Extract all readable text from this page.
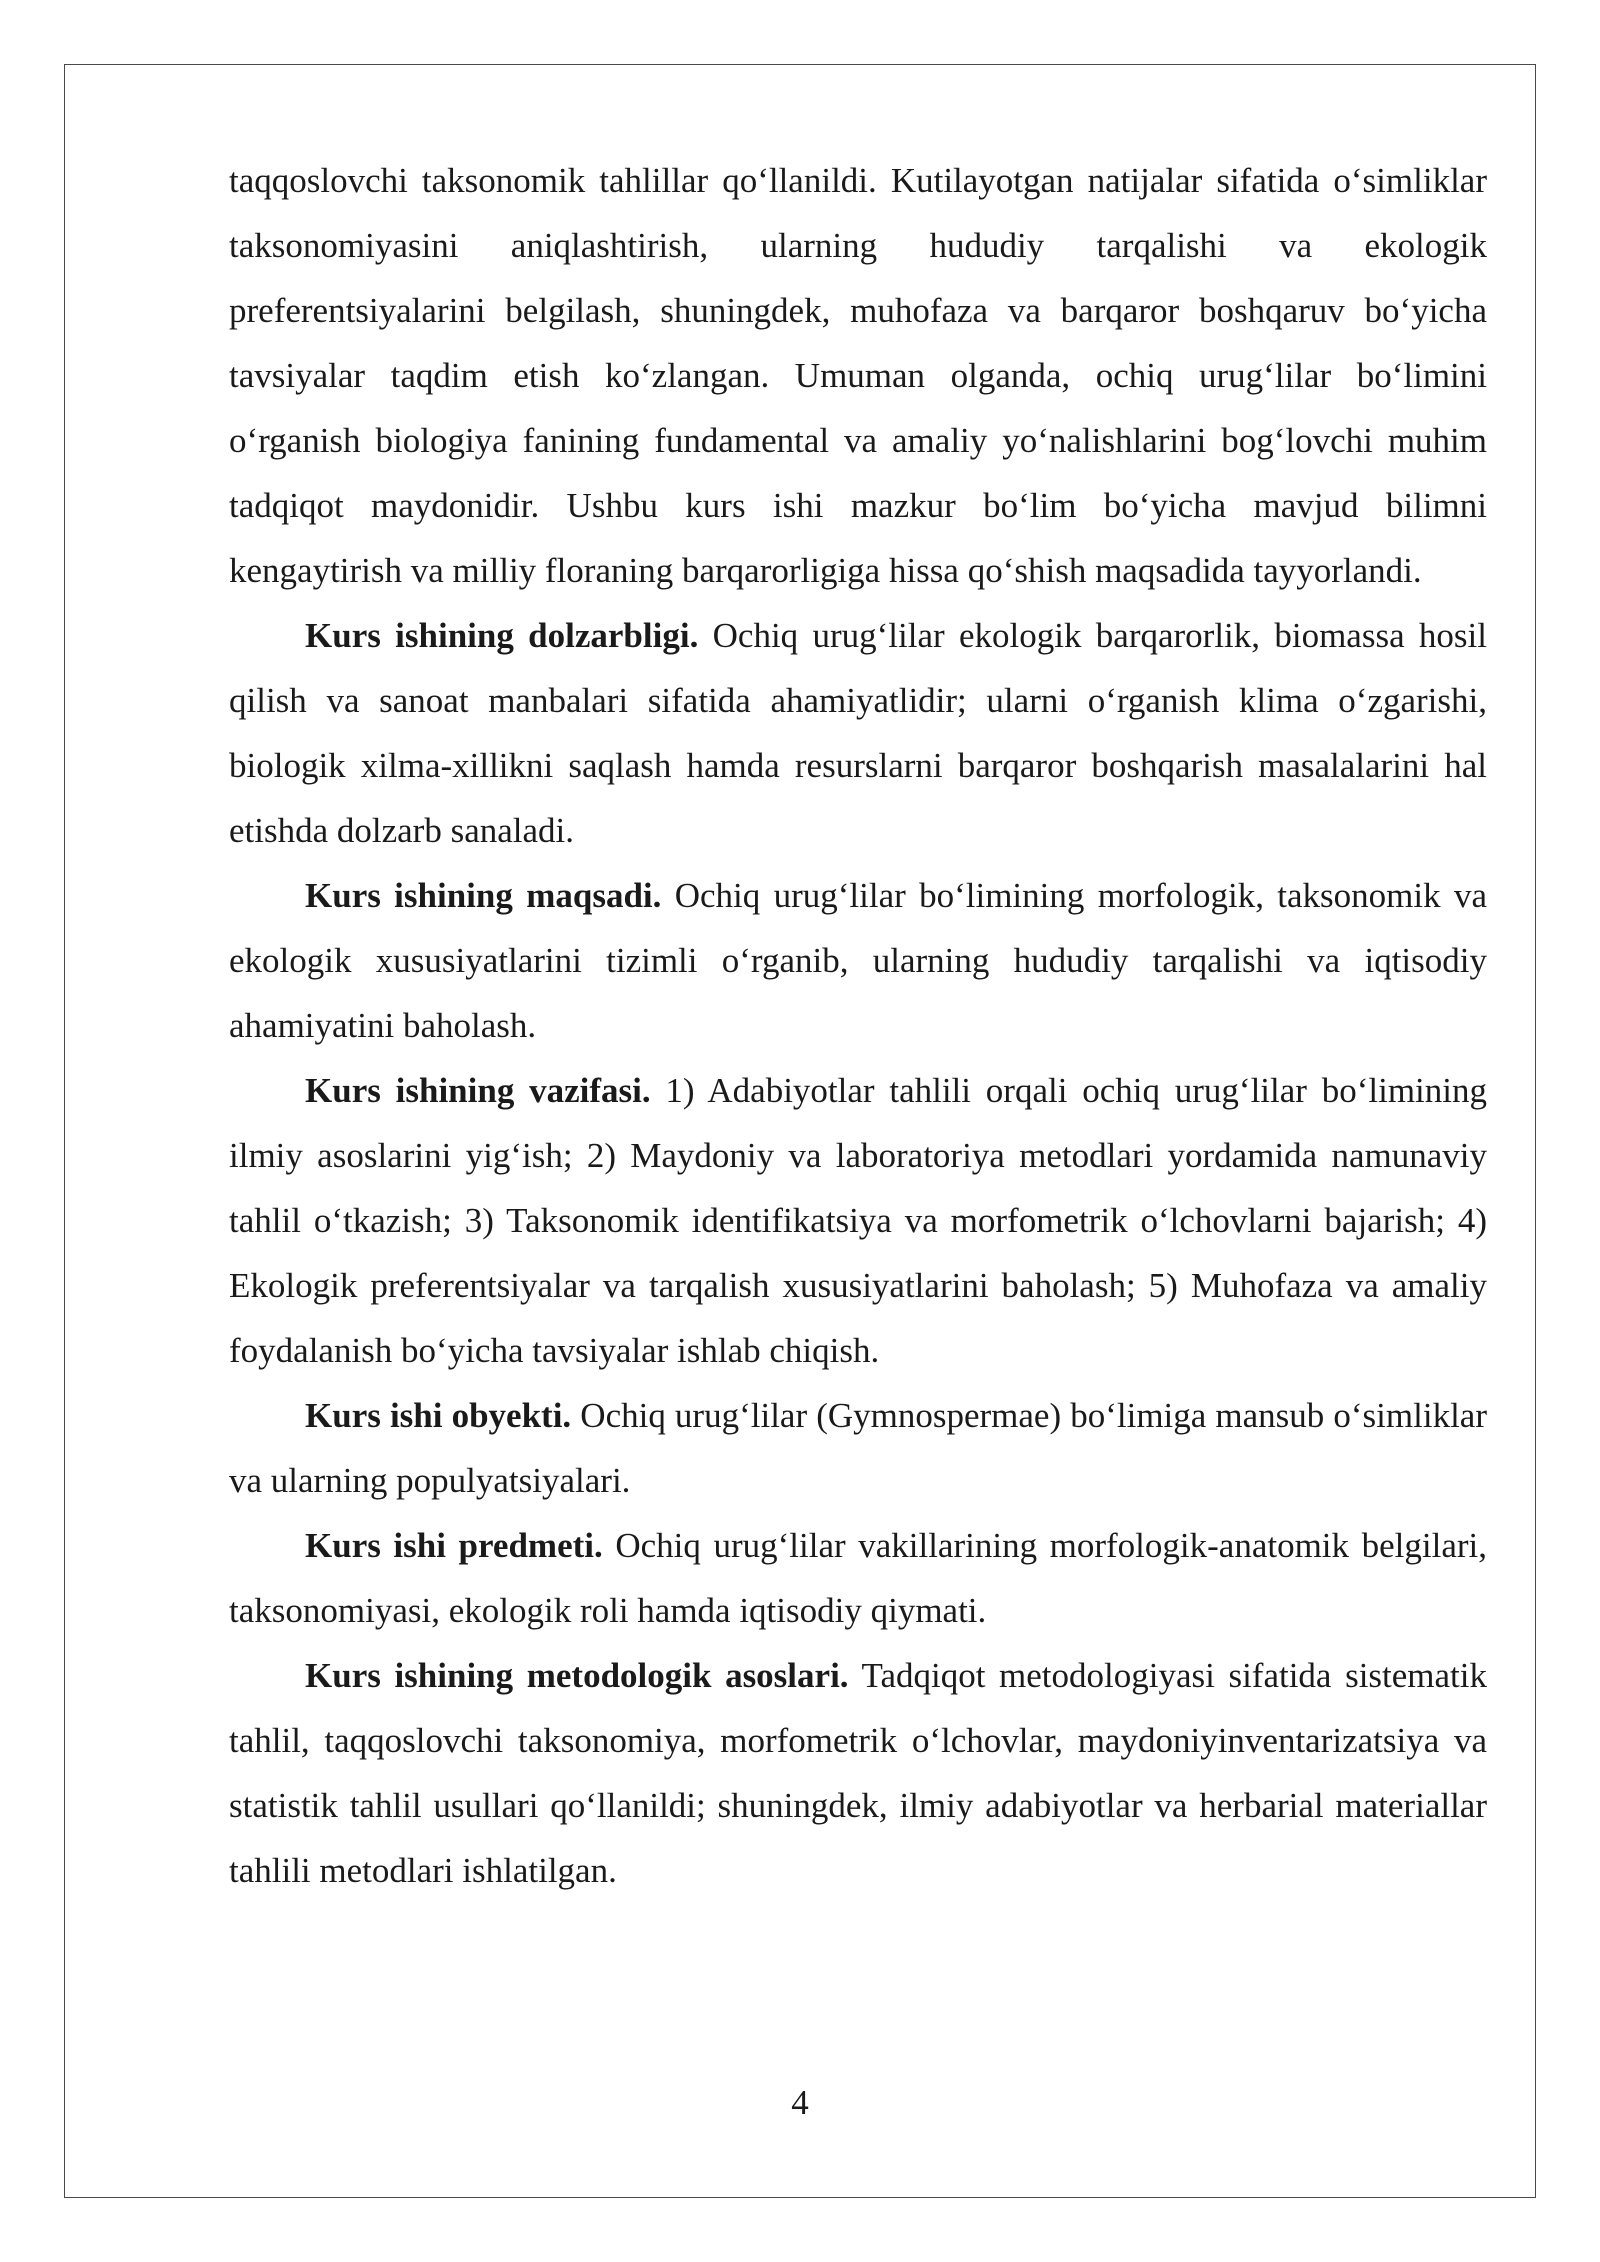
taqqoslovchi taksonomik tahlillar qo‘llanildi. Kutilayotgan natijalar sifatida o‘simliklar taksonomiyasini aniqlashtirish, ularning hududiy tarqalishi va ekologik preferentsiyalarini belgilash, shuningdek, muhofaza va barqaror boshqaruv bo‘yicha tavsiyalar taqdim etish ko‘zlangan. Umuman olganda, ochiq urug‘lilar bo‘limini o‘rganish biologiya fanining fundamental va amaliy yo‘nalishlarini bog‘lovchi muhim tadqiqot maydonidir. Ushbu kurs ishi mazkur bo‘lim bo‘yicha mavjud bilimni kengaytirish va milliy floraning barqarorligiga hissa qo‘shish maqsadida tayyorlandi.

Kurs ishining dolzarbligi. Ochiq urug‘lilar ekologik barqarorlik, biomassa hosil qilish va sanoat manbalari sifatida ahamiyatlidir; ularni o‘rganish klima o‘zgarishi, biologik xilma-xillikni saqlash hamda resurslarni barqaror boshqarish masalalarini hal etishda dolzarb sanaladi.

Kurs ishining maqsadi. Ochiq urug‘lilar bo‘limining morfologik, taksonomik va ekologik xususiyatlarini tizimli o‘rganib, ularning hududiy tarqalishi va iqtisodiy ahamiyatini baholash.

Kurs ishining vazifasi. 1) Adabiyotlar tahlili orqali ochiq urug‘lilar bo‘limining ilmiy asoslarini yig‘ish; 2) Maydoniy va laboratoriya metodlari yordamida namunaviy tahlil o‘tkazish; 3) Taksonomik identifikatsiya va morfometrik o‘lchovlarni bajarish; 4) Ekologik preferentsiyalar va tarqalish xususiyatlarini baholash; 5) Muhofaza va amaliy foydalanish bo‘yicha tavsiyalar ishlab chiqish.

Kurs ishi obyekti. Ochiq urug‘lilar (Gymnospermae) bo‘limiga mansub o‘simliklar va ularning populyatsiyalari.

Kurs ishi predmeti. Ochiq urug‘lilar vakillarining morfologik-anatomik belgilari, taksonomiyasi, ekologik roli hamda iqtisodiy qiymati.

Kurs ishining metodologik asoslari. Tadqiqot metodologiyasi sifatida sistematik tahlil, taqqoslovchi taksonomiya, morfometrik o‘lchovlar, maydoniyinventarizatsiya va statistik tahlil usullari qo‘llanildi; shuningdek, ilmiy adabiyotlar va herbarial materiallar tahlili metodlari ishlatilgan.

4
